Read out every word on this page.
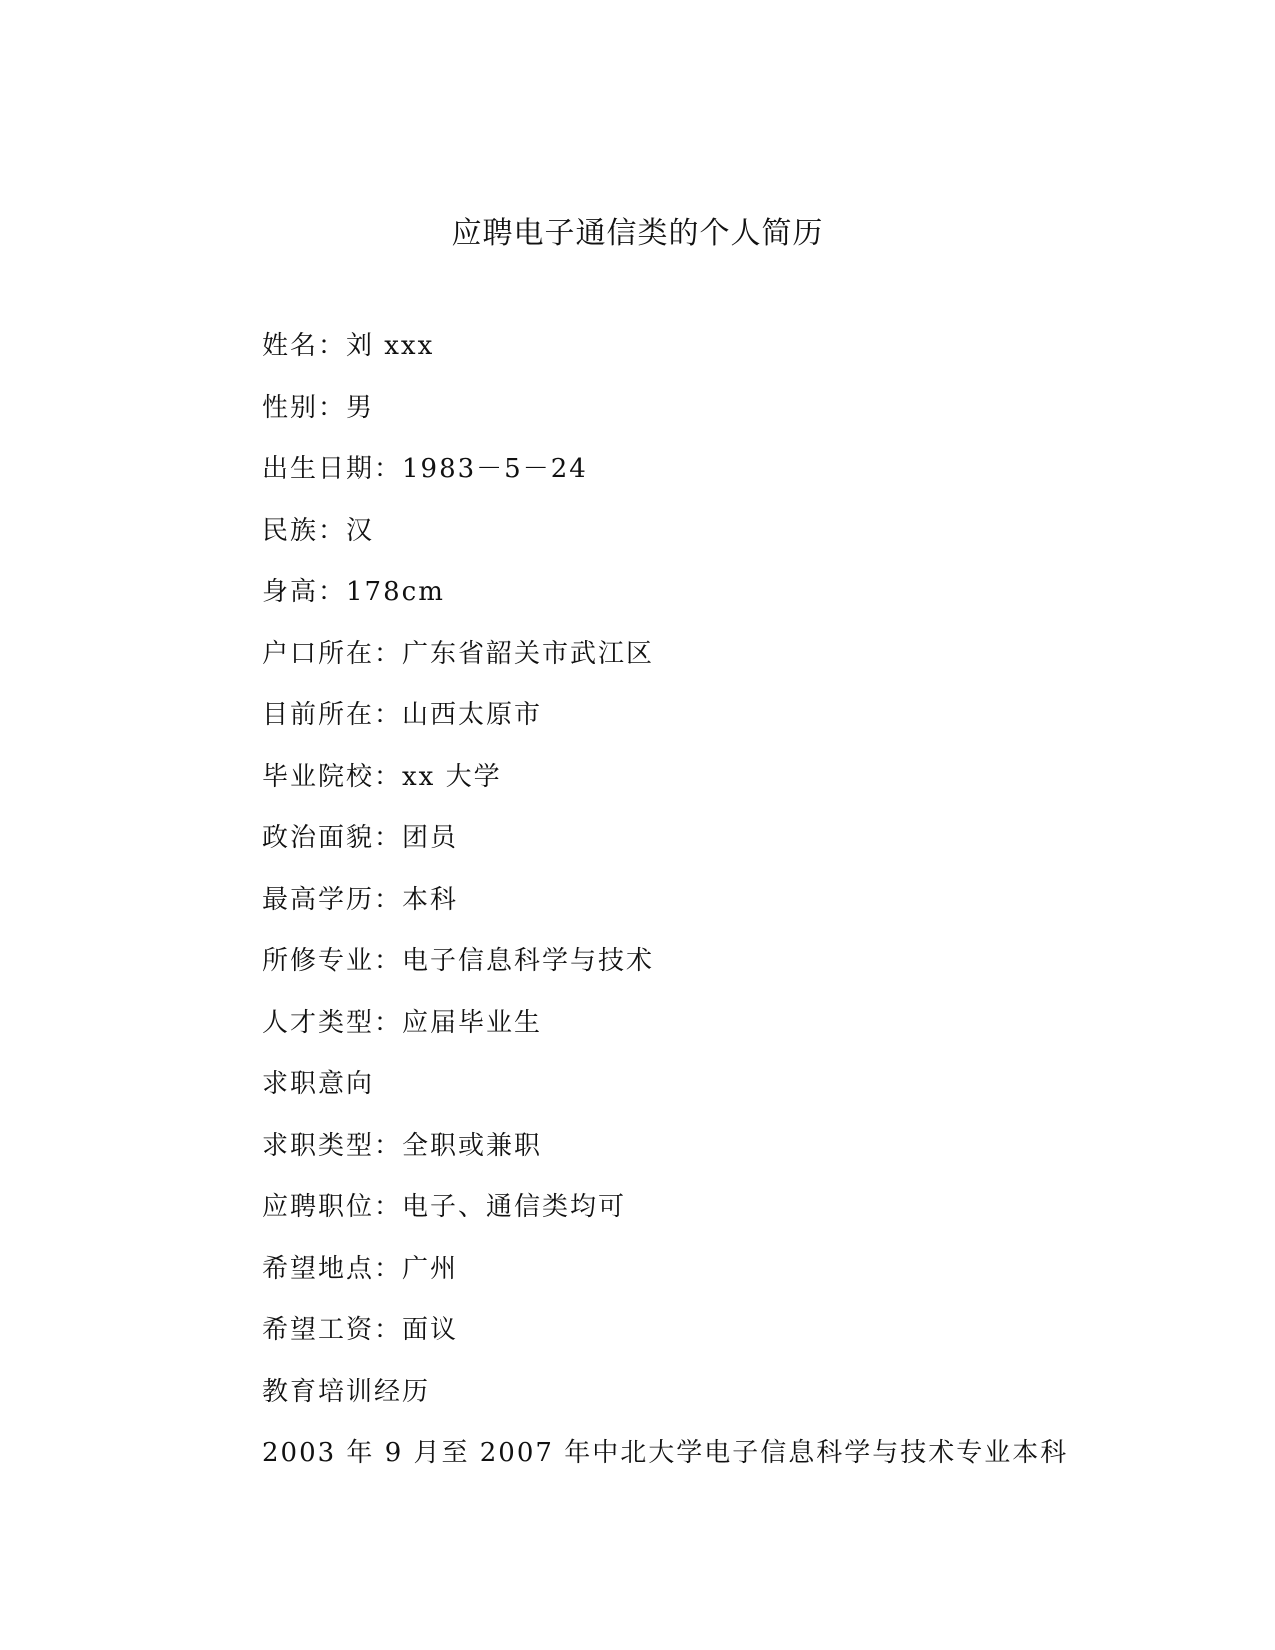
应聘电子通信类的个人简历
姓名：刘 xxx
性别：男
出生日期：1983－5－24
民族：汉
身高：178cm
户口所在：广东省韶关市武江区
目前所在：山西太原市
毕业院校：xx 大学
政治面貌：团员
最高学历：本科
所修专业：电子信息科学与技术
人才类型：应届毕业生
求职意向
求职类型：全职或兼职
应聘职位：电子、通信类均可
希望地点：广州
希望工资：面议
教育培训经历
2003 年 9 月至 2007 年中北大学电子信息科学与技术专业本科
